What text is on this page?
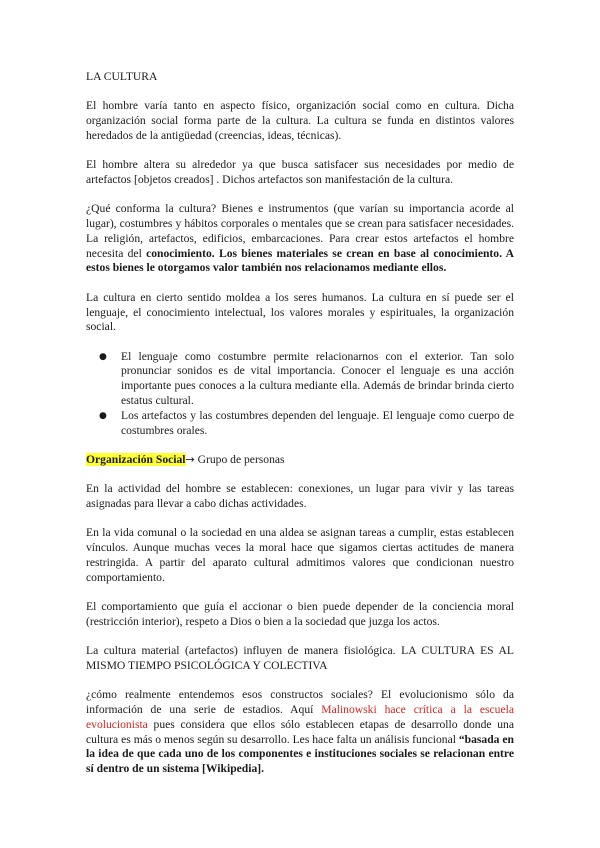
LA CULTURA

El hombre varía tanto en aspecto físico, organización social como en cultura. Dicha organización social forma parte de la cultura. La cultura se funda en distintos valores heredados de la antigüedad (creencias, ideas, técnicas).

El hombre altera su alrededor ya que busca satisfacer sus necesidades por medio de artefactos [objetos creados] . Dichos artefactos son manifestación de la cultura.

¿Qué conforma la cultura? Bienes e instrumentos (que varían su importancia acorde al lugar), costumbres y hábitos corporales o mentales que se crean para satisfacer necesidades. La religión, artefactos, edificios, embarcaciones. Para crear estos artefactos el hombre necesita del conocimiento. Los bienes materiales se crean en base al conocimiento. A estos bienes le otorgamos valor también nos relacionamos mediante ellos.

La cultura en cierto sentido moldea a los seres humanos. La cultura en sí puede ser el lenguaje, el conocimiento intelectual, los valores morales y espirituales, la organización social.

● El lenguaje como costumbre permite relacionarnos con el exterior. Tan solo pronunciar sonidos es de vital importancia. Conocer el lenguaje es una acción importante pues conoces a la cultura mediante ella. Además de brindar brinda cierto estatus cultural.
● Los artefactos y las costumbres dependen del lenguaje. El lenguaje como cuerpo de costumbres orales.

Organización Social→ Grupo de personas

En la actividad del hombre se establecen: conexiones, un lugar para vivir y las tareas asignadas para llevar a cabo dichas actividades.

En la vida comunal o la sociedad en una aldea se asignan tareas a cumplir, estas establecen vínculos. Aunque muchas veces la moral hace que sigamos ciertas actitudes de manera restringida. A partir del aparato cultural admitimos valores que condicionan nuestro comportamiento.

El comportamiento que guía el accionar o bien puede depender de la conciencia moral (restricción interior), respeto a Dios o bien a la sociedad que juzga los actos.

La cultura material (artefactos) influyen de manera fisiológica. LA CULTURA ES AL MISMO TIEMPO PSICOLÓGICA Y COLECTIVA

¿cómo realmente entendemos esos constructos sociales? El evolucionismo sólo da información de una serie de estadios. Aquí Malinowski hace crítica a la escuela evolucionista pues considera que ellos sólo establecen etapas de desarrollo donde una cultura es más o menos según su desarrollo. Les hace falta un análisis funcional “basada en la idea de que cada uno de los componentes e instituciones sociales se relacionan entre sí dentro de un sistema [Wikipedia].
